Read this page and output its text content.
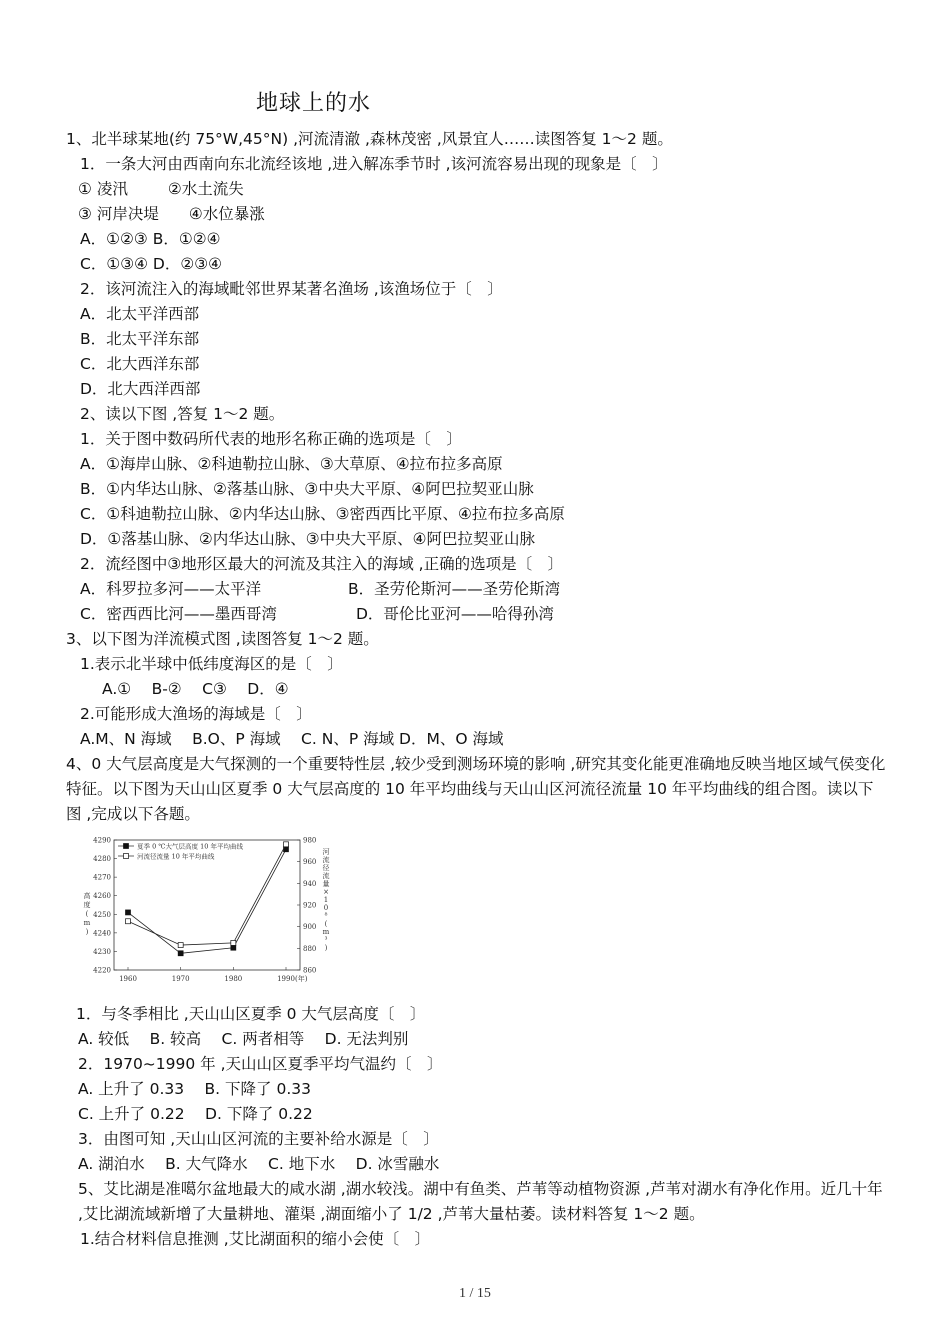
地球上的水
1、北半球某地(约 75°W,45°N) ,河流清澈 ,森林茂密 ,风景宜人……读图答复 1～2 题。
1．一条大河由西南向东北流经该地 ,进入解冻季节时 ,该河流容易出现的现象是〔　〕
① 凌汛	②水土流失
③ 河岸决堤 ④水位暴涨
A．①②③ B．①②④
C．①③④ D．②③④
2．该河流注入的海域毗邻世界某著名渔场 ,该渔场位于〔　〕
A．北太平洋西部
B．北太平洋东部
C．北大西洋东部
D．北大西洋西部
2、读以下图 ,答复 1～2 题。
1．关于图中数码所代表的地形名称正确的选项是〔　〕
A．①海岸山脉、②科迪勒拉山脉、③大草原、④拉布拉多高原
B．①内华达山脉、②落基山脉、③中央大平原、④阿巴拉契亚山脉
C．①科迪勒拉山脉、②内华达山脉、③密西西比平原、④拉布拉多高原
D．①落基山脉、②内华达山脉、③中央大平原、④阿巴拉契亚山脉
2．流经图中③地形区最大的河流及其注入的海域 ,正确的选项是〔　〕
A．科罗拉多河——太平洋	B．圣劳伦斯河——圣劳伦斯湾
C．密西西比河——墨西哥湾	D．哥伦比亚河——哈得孙湾
3、以下图为洋流模式图 ,读图答复 1～2 题。
1.表示北半球中低纬度海区的是〔　〕
A.①　 B-②　 C③　 D．④
2.可能形成大渔场的海域是〔　〕
A.M、N 海域　 B.O、P 海域　 C. N、P 海域 D．M、O 海域
4、0 大气层高度是大气探测的一个重要特性层 ,较少受到测场环境的影响 ,研究其变化能更准确地反映当地区域气侯变化特征。以下图为天山山区夏季 0 大气层高度的 10 年平均曲线与天山山区河流径流量 10 年平均曲线的组合图。读以下图 ,完成以下各题。
4220
4230
4240
4250
4260
4270
4280
4290
860
880
900
920
940
960
980
1960	1970	1980	1990 (年)
高
度
(
m
)
河
流
径
流
量
×
1
0
⁸
(
m
³
)
夏季 0 ℃大气层高度 10 年平均曲线
河流径流量 10 年平均曲线
1．与冬季相比 ,天山山区夏季 0 大气层高度〔　〕
A. 较低　 B. 较高　 C. 两者相等　 D. 无法判别
2．1970~1990 年 ,天山山区夏季平均气温约〔　〕
A. 上升了 0.33　 B. 下降了 0.33
C. 上升了 0.22　 D. 下降了 0.22
3．由图可知 ,天山山区河流的主要补给水源是〔　〕
A. 湖泊水　 B. 大气降水　 C. 地下水　 D. 冰雪融水
5、艾比湖是准噶尔盆地最大的咸水湖 ,湖水较浅。湖中有鱼类、芦苇等动植物资源 ,芦苇对湖水有净化作用。近几十年 ,艾比湖流域新增了大量耕地、灌渠 ,湖面缩小了 1/2 ,芦苇大量枯萎。读材料答复 1～2 题。
1.结合材料信息推测 ,艾比湖面积的缩小会使〔　〕
1 / 15
